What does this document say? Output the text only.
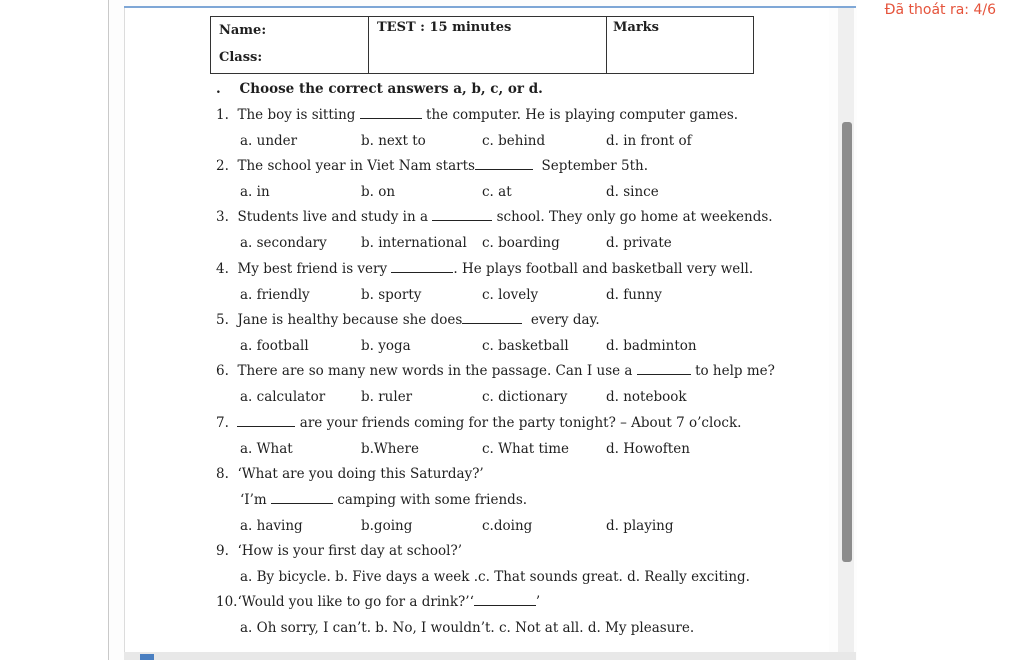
Đã thoát ra: 4/6
Name:
Class:
TEST : 15 minutes	Marks
. Choose the correct answers a, b, c, or d.
1. The boy is sitting	the computer. He is playing computer games.
a. under	b. next to	c. behind	d. in front of
2. The school year in Viet Nam starts	September 5th.
a. in	b. on	c. at	d. since
3. Students live and study in a	school. They only go home at weekends.
a. secondary	b. international c. boarding	d. private
4. My best friend is very	. He plays football and basketball very well.
a. friendly	b. sporty	c. lovely	d. funny
5. Jane is healthy because she does	every day.
a. football	b. yoga	c. basketball	d. badminton
6. There are so many new words in the passage. Can I use a	to help me?
a. calculator	b. ruler	c. dictionary	d. notebook
7.	are your friends coming for the party tonight? – About 7 o’clock.
a. What	b.Where	c. What time	d. Howoften
8. ‘What are you doing this Saturday?’
‘I’m	camping with some friends.
a. having	b.going	c.doing	d. playing
9. ‘How is your first day at school?’
a. By bicycle. b. Five days a week .c. That sounds great. d. Really exciting.
10.‘Would you like to go for a drink?’‘	’
a. Oh sorry, I can’t. b. No, I wouldn’t. c. Not at all. d. My pleasure.
